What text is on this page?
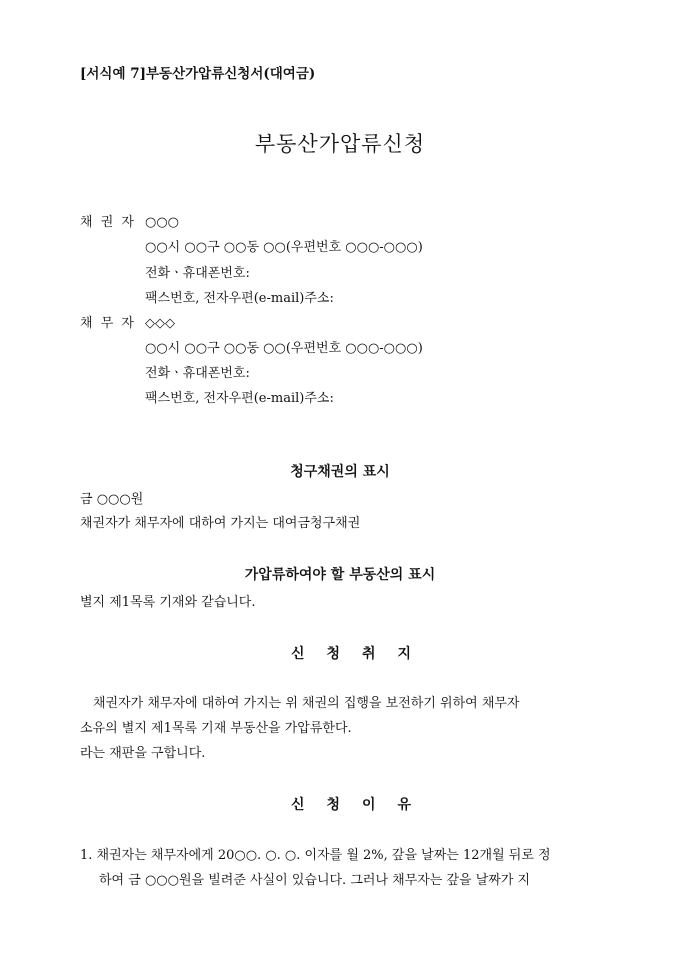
[서식예 7]부동산가압류신청서(대여금)
부동산가압류신청
채 권 자 ○○○
○○시 ○○구 ○○동 ○○(우편번호 ○○○-○○○)
전화ㆍ휴대폰번호:
팩스번호, 전자우편(e-mail)주소:
채 무 자 ◇◇◇
○○시 ○○구 ○○동 ○○(우편번호 ○○○-○○○)
전화ㆍ휴대폰번호:
팩스번호, 전자우편(e-mail)주소:
청구채권의 표시
금 ○○○원
채권자가 채무자에 대하여 가지는 대여금청구채권
가압류하여야 할 부동산의 표시
별지 제1목록 기재와 같습니다.
신청취지
채권자가 채무자에 대하여 가지는 위 채권의 집행을 보전하기 위하여 채무자
소유의 별지 제1목록 기재 부동산을 가압류한다.
라는 재판을 구합니다.
신청이유
1. 채권자는 채무자에게 20○○. ○. ○. 이자를 월 2%, 갚을 날짜는 12개월 뒤로 정
하여 금 ○○○원을 빌려준 사실이 있습니다. 그러나 채무자는 갚을 날짜가 지
